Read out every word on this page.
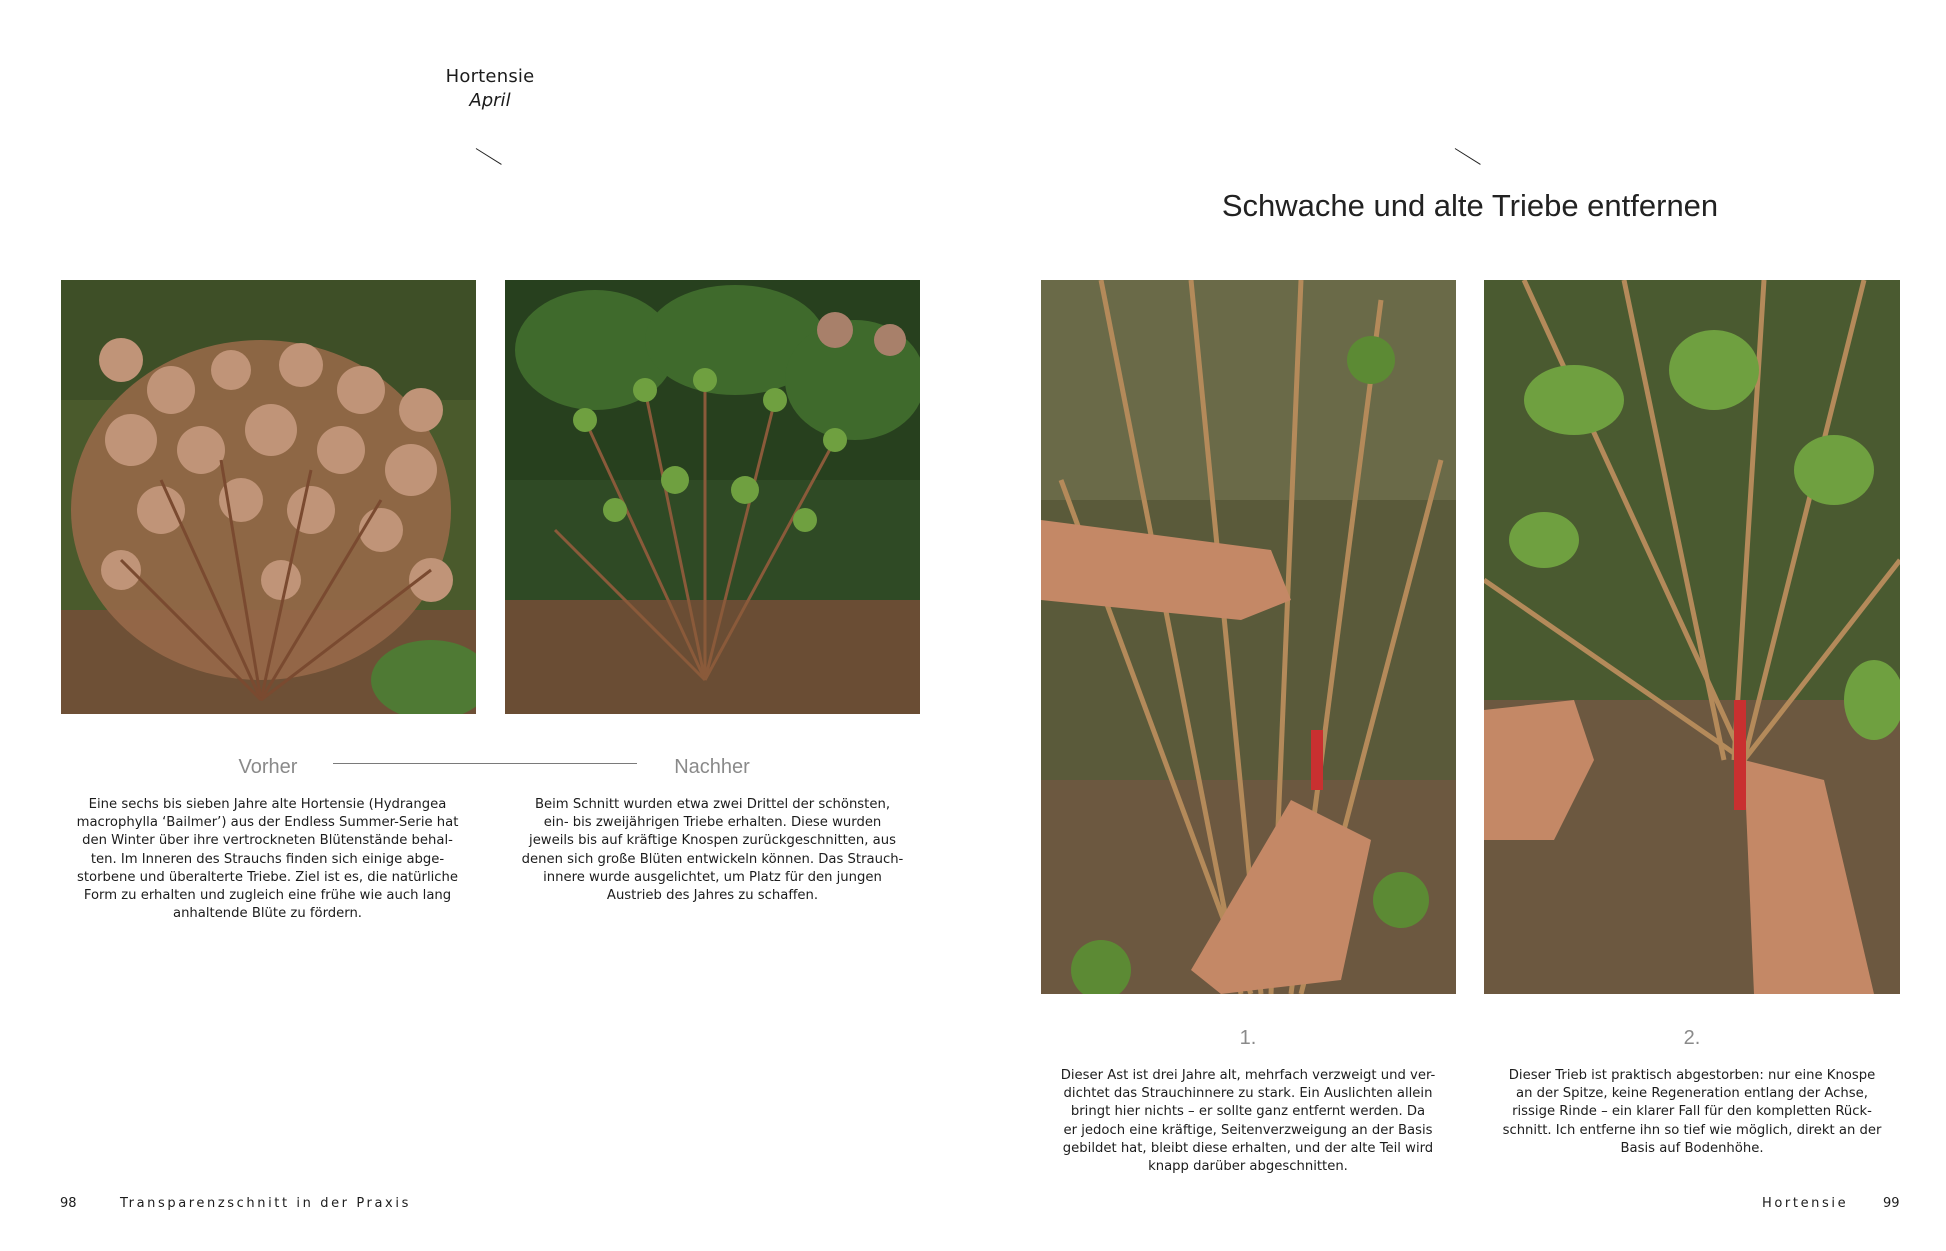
Hortensie
April
Schwache und alte Triebe entfernen
Vorher	Nachher
1.	2.
Eine sechs bis sieben Jahre alte Hortensie (Hydrangea
macrophylla ‘Bailmer’) aus der Endless Summer-Serie hat
den Winter über ihre vertrockneten Blütenstände behal-
ten. Im Inneren des Strauchs finden sich einige abge-
storbene und überalterte Triebe. Ziel ist es, die natürliche
Form zu erhalten und zugleich eine frühe wie auch lang
anhaltende Blüte zu fördern.
Beim Schnitt wurden etwa zwei Drittel der schönsten,
ein- bis zweijährigen Triebe erhalten. Diese wurden
jeweils bis auf kräftige Knospen zurückgeschnitten, aus
denen sich große Blüten entwickeln können. Das Strauch-
innere wurde ausgelichtet, um Platz für den jungen
Austrieb des Jahres zu schaffen.
Dieser Ast ist drei Jahre alt, mehrfach verzweigt und ver-
dichtet das Strauchinnere zu stark. Ein Auslichten allein
bringt hier nichts – er sollte ganz entfernt werden. Da
er jedoch eine kräftige, Seitenverzweigung an der Basis
gebildet hat, bleibt diese erhalten, und der alte Teil wird
knapp darüber abgeschnitten.
Dieser Trieb ist praktisch abgestorben: nur eine Knospe
an der Spitze, keine Regeneration entlang der Achse,
rissige Rinde – ein klarer Fall für den kompletten Rück-
schnitt. Ich entferne ihn so tief wie möglich, direkt an der
Basis auf Bodenhöhe.
98	Transparenzschnitt in der Praxis	Hortensie	99
